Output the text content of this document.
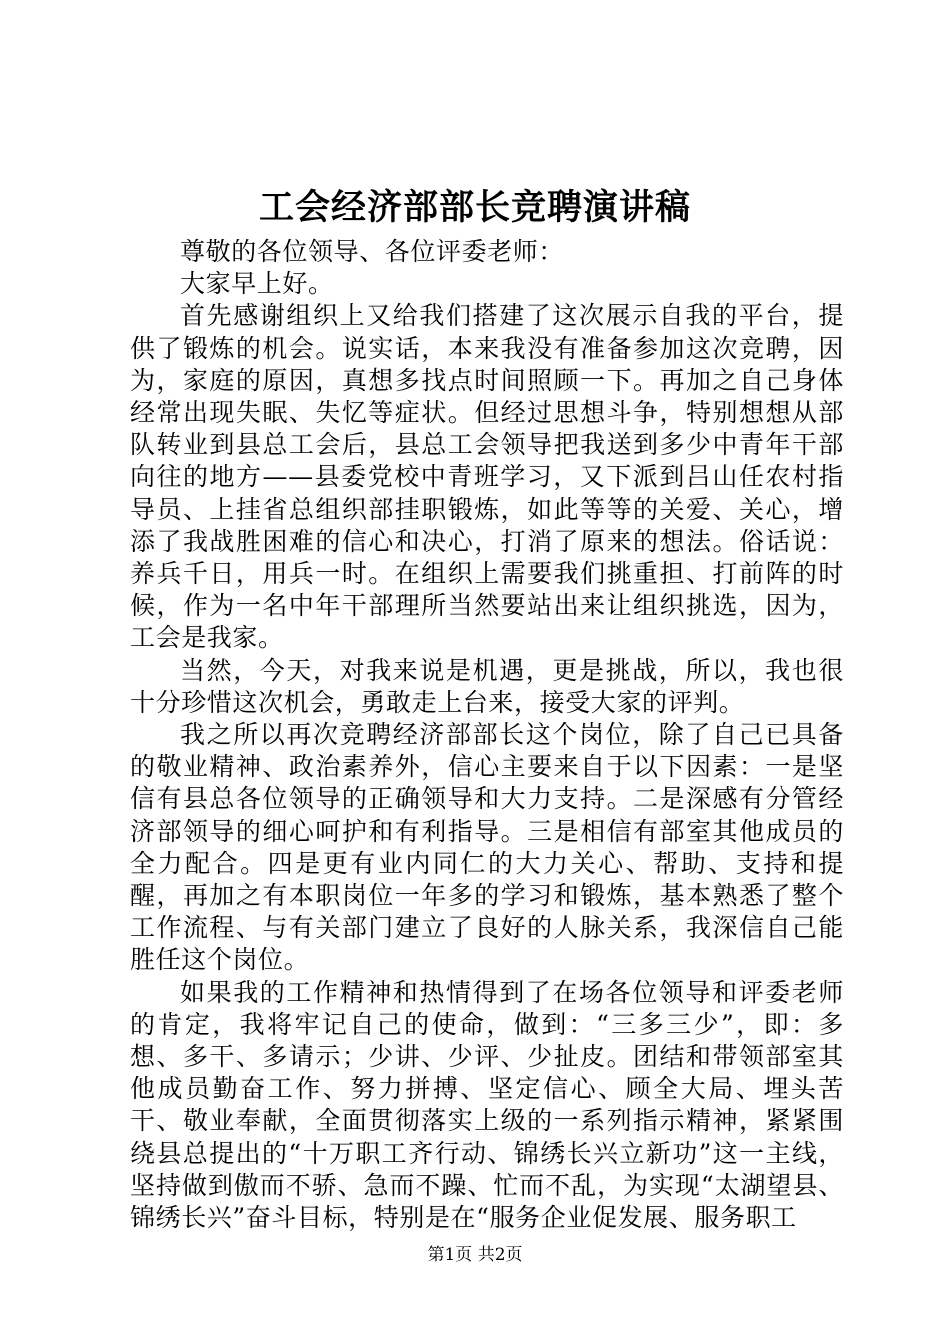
工会经济部部长竞聘演讲稿

尊敬的各位领导、各位评委老师：

大家早上好。

首先感谢组织上又给我们搭建了这次展示自我的平台，提供了锻炼的机会。说实话，本来我没有准备参加这次竞聘，因为，家庭的原因，真想多找点时间照顾一下。再加之自己身体经常出现失眠、失忆等症状。但经过思想斗争，特别想想从部队转业到县总工会后，县总工会领导把我送到多少中青年干部向往的地方——县委党校中青班学习，又下派到吕山任农村指导员、上挂省总组织部挂职锻炼，如此等等的关爱、关心，增添了我战胜困难的信心和决心，打消了原来的想法。俗话说：养兵千日，用兵一时。在组织上需要我们挑重担、打前阵的时候，作为一名中年干部理所当然要站出来让组织挑选，因为，工会是我家。

当然，今天，对我来说是机遇，更是挑战，所以，我也很十分珍惜这次机会，勇敢走上台来，接受大家的评判。

我之所以再次竞聘经济部部长这个岗位，除了自己已具备的敬业精神、政治素养外，信心主要来自于以下因素：一是坚信有县总各位领导的正确领导和大力支持。二是深感有分管经济部领导的细心呵护和有利指导。三是相信有部室其他成员的全力配合。四是更有业内同仁的大力关心、帮助、支持和提醒，再加之有本职岗位一年多的学习和锻炼，基本熟悉了整个工作流程、与有关部门建立了良好的人脉关系，我深信自己能胜任这个岗位。

如果我的工作精神和热情得到了在场各位领导和评委老师的肯定，我将牢记自己的使命，做到：“三多三少”，即：多想、多干、多请示；少讲、少评、少扯皮。团结和带领部室其他成员勤奋工作、努力拼搏、坚定信心、顾全大局、埋头苦干、敬业奉献，全面贯彻落实上级的一系列指示精神，紧紧围绕县总提出的“十万职工齐行动、锦绣长兴立新功”这一主线，坚持做到傲而不骄、急而不躁、忙而不乱，为实现“太湖望县、锦绣长兴”奋斗目标，特别是在“服务企业促发展、服务职工

第1页 共2页
